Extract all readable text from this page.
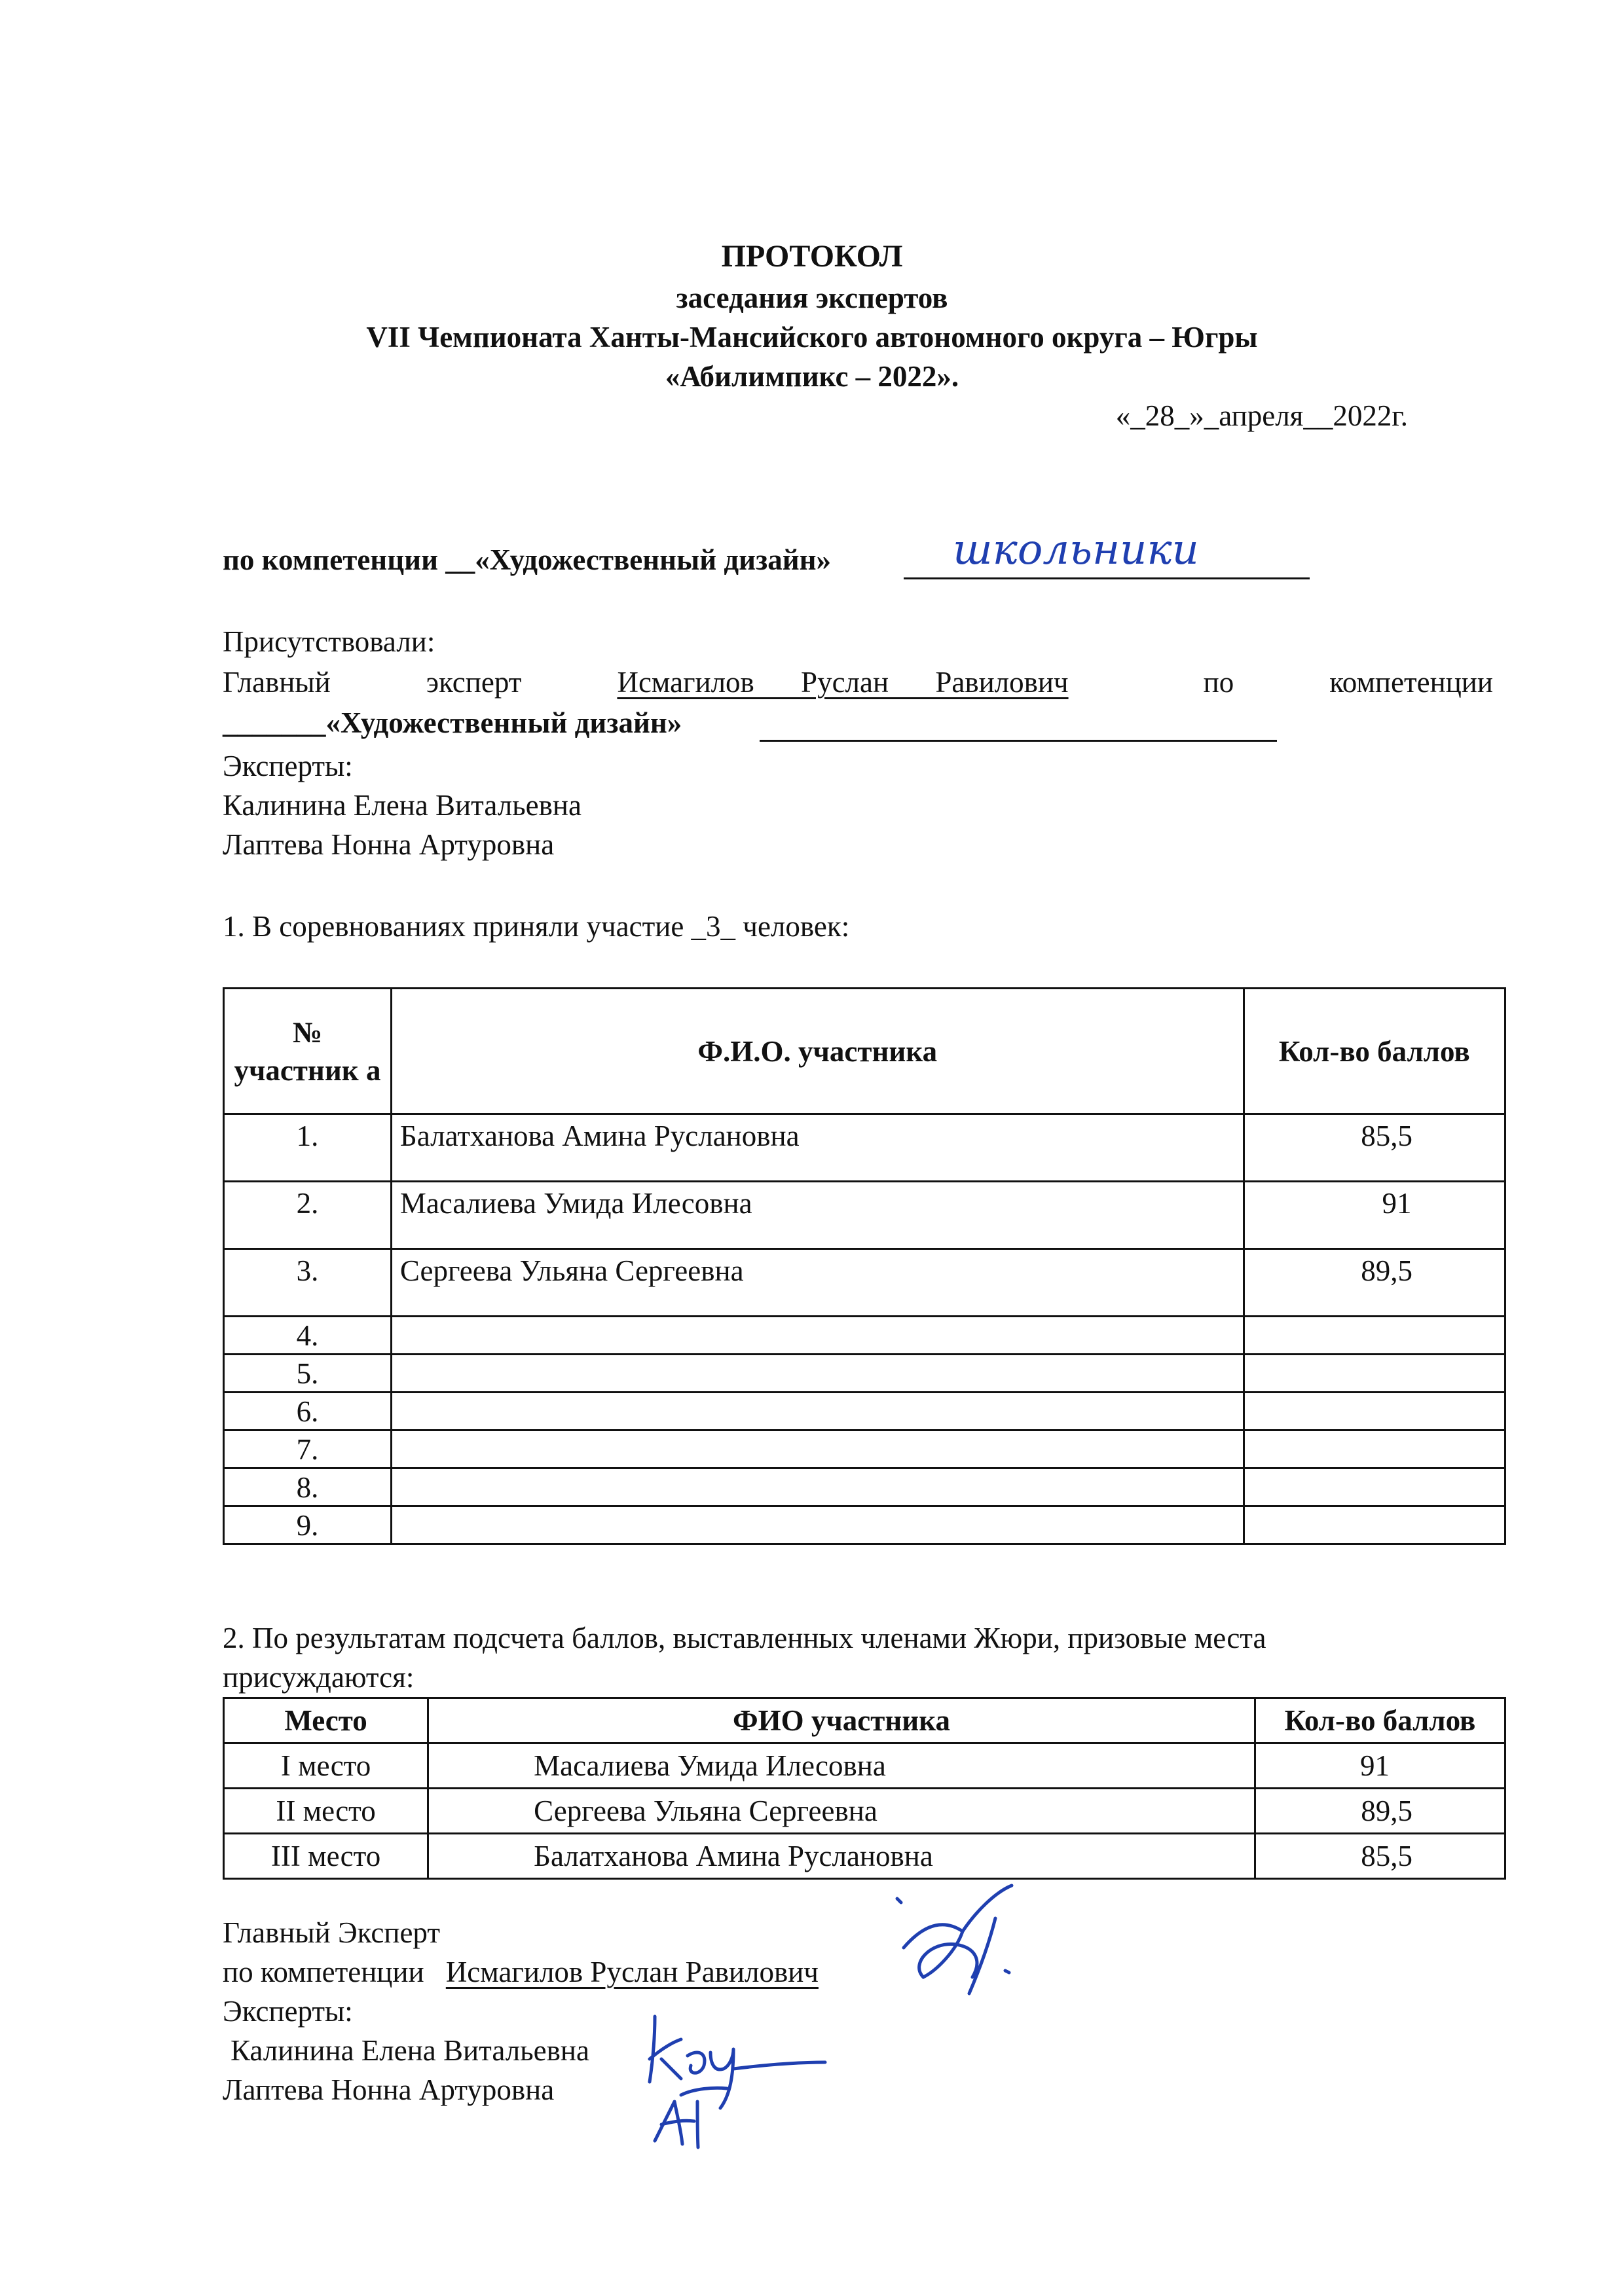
ПРОТОКОЛ
заседания экспертов
VII Чемпионата Ханты-Мансийского автономного округа – Югры
«Абилимпикс – 2022».
«_28_»_апреля__2022г.
по компетенции __«Художественный дизайн»	школьники
Присутствовали:
Главный	эксперт	Исмагилов Руслан Равилович	по	компетенции
_______«Художественный дизайн»
Эксперты:
Калинина Елена Витальевна
Лаптева Нонна Артуровна
1. В соревнованиях приняли участие _3_ человек:
№ участник а	Ф.И.О. участника	Кол-во баллов
1.	Балатханова Амина Руслановна	85,5
2.	Масалиева Умида Илесовна	91
3.	Сергеева Ульяна Сергеевна	89,5
4.		
5.		
6.		
7.		
8.		
9.		
2. По результатам подсчета баллов, выставленных членами Жюри, призовые места
присуждаются:
Место	ФИО участника	Кол-во баллов
I место	Масалиева Умида Илесовна	91
II место	Сергеева Ульяна Сергеевна	89,5
III место	Балатханова Амина Руслановна	85,5
Главный Эксперт
по компетенции Исмагилов Руслан Равилович
Эксперты:
Калинина Елена Витальевна
Лаптева Нонна Артуровна
